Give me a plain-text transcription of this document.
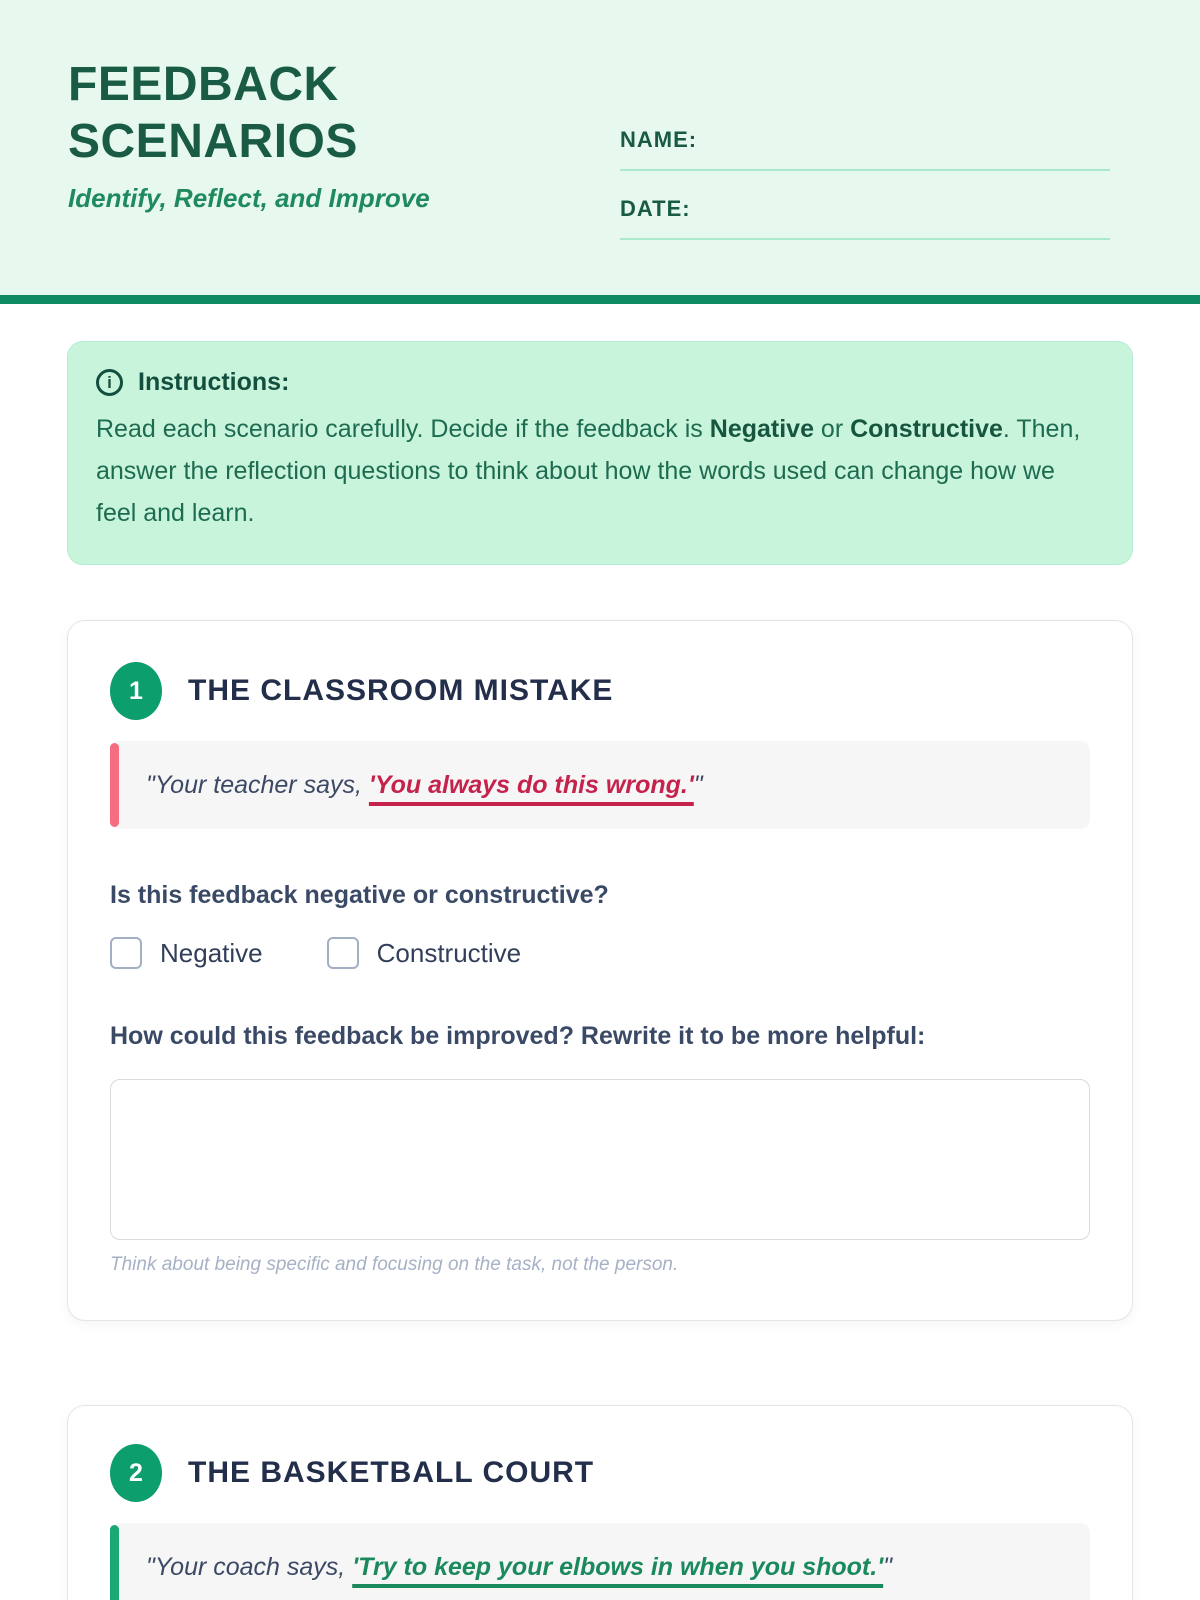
FEEDBACK
SCENARIOS
Identify, Reflect, and Improve
NAME:
DATE:
i	Instructions:

Read each scenario carefully. Decide if the feedback is Negative or Constructive. Then, answer the reflection questions to think about how the words used can change how we feel and learn.

1	THE CLASSROOM MISTAKE

"Your teacher says, 'You always do this wrong.'"

Is this feedback negative or constructive?

Negative	Constructive

How could this feedback be improved? Rewrite it to be more helpful:

Think about being specific and focusing on the task, not the person.

2	THE BASKETBALL COURT

"Your coach says, 'Try to keep your elbows in when you shoot.'"
